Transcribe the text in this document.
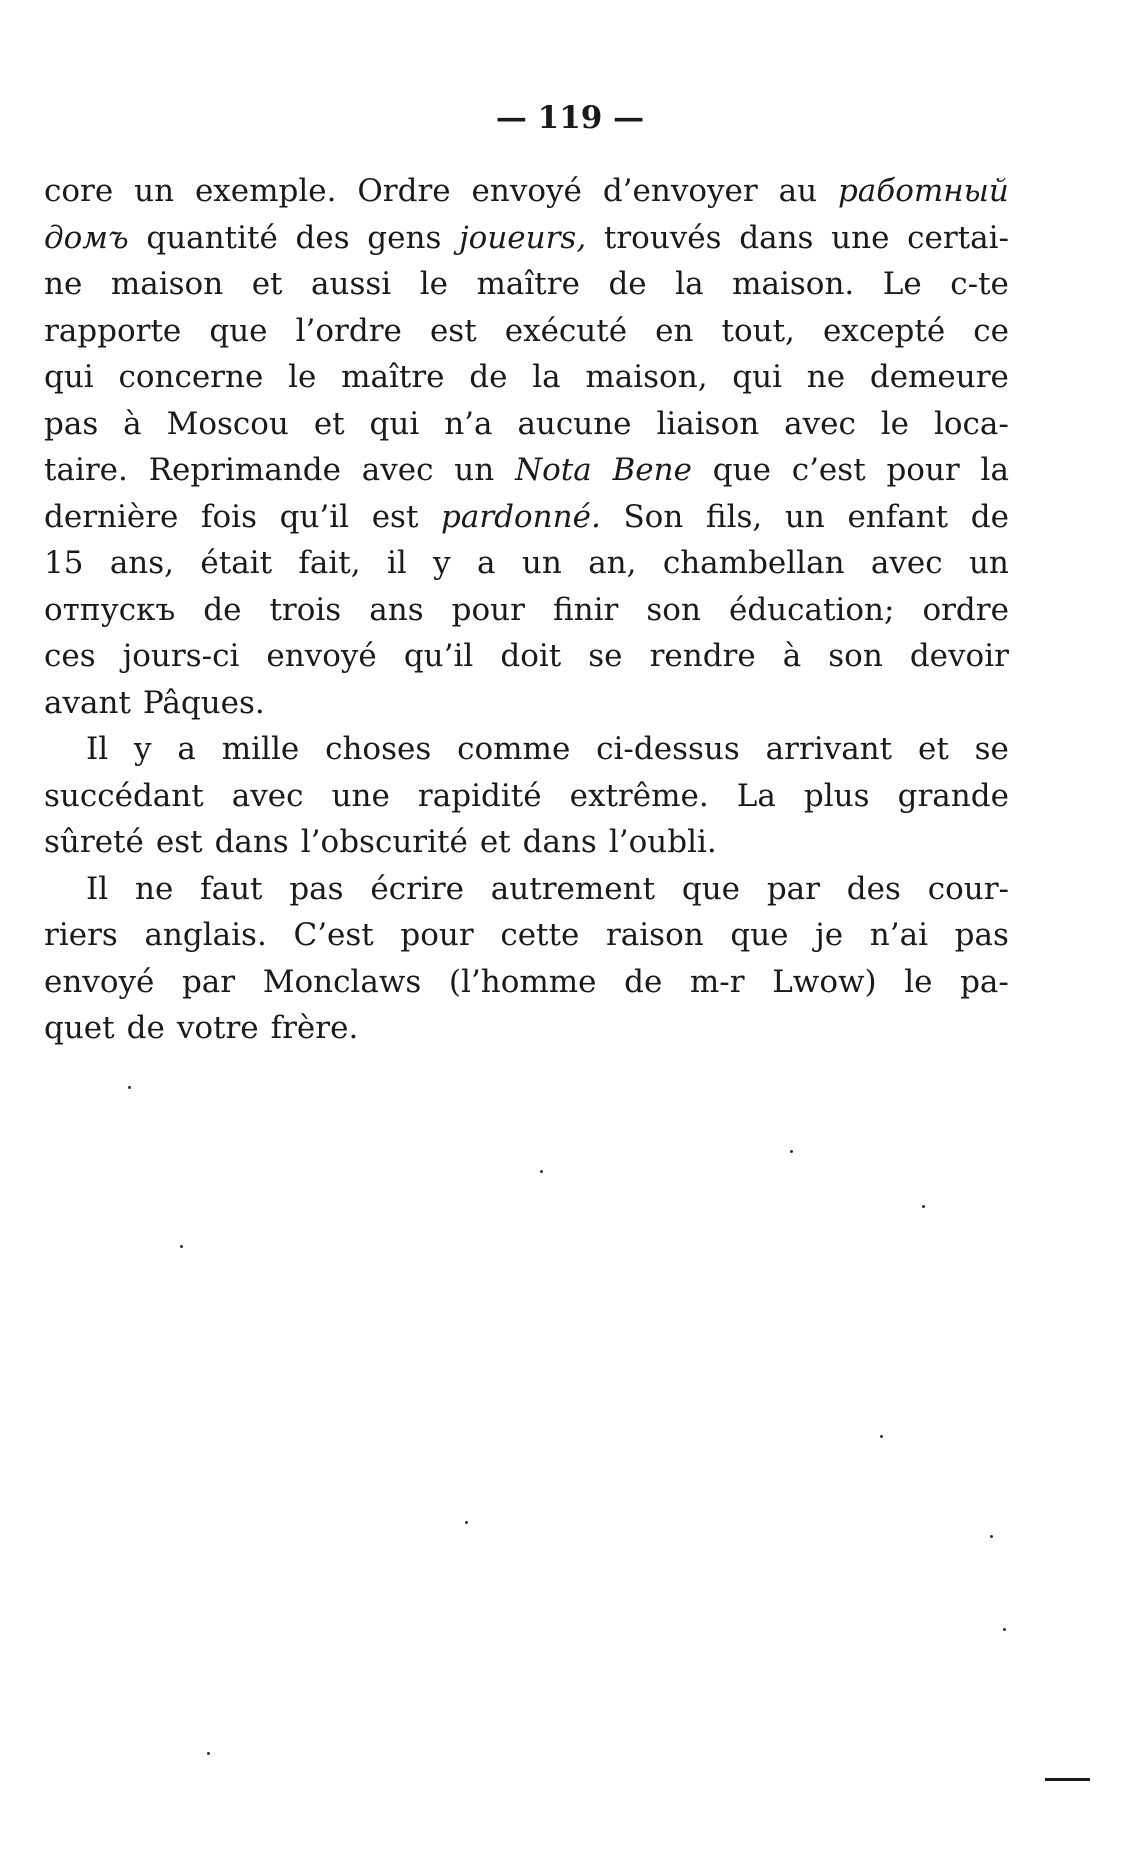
— 119 —
core un exemple. Ordre envoyé d’envoyer au работный
домъ quantité des gens joueurs, trouvés dans une certai-
ne maison et aussi le maître de la maison. Le c-te
rapporte que l’ordre est exécuté en tout, excepté ce
qui concerne le maître de la maison, qui ne demeure
pas à Moscou et qui n’a aucune liaison avec le loca-
taire. Reprimande avec un Nota Bene que c’est pour la
dernière fois qu’il est pardonné. Son fils, un enfant de
15 ans, était fait, il y a un an, chambellan avec un
отпускъ de trois ans pour finir son éducation; ordre
ces jours-ci envoyé qu’il doit se rendre à son devoir
avant Pâques.
Il y a mille choses comme ci-dessus arrivant et se
succédant avec une rapidité extrême. La plus grande
sûreté est dans l’obscurité et dans l’oubli.
Il ne faut pas écrire autrement que par des cour-
riers anglais. C’est pour cette raison que je n’ai pas
envoyé par Monclaws (l’homme de m-r Lwow) le pa-
quet de votre frère.
